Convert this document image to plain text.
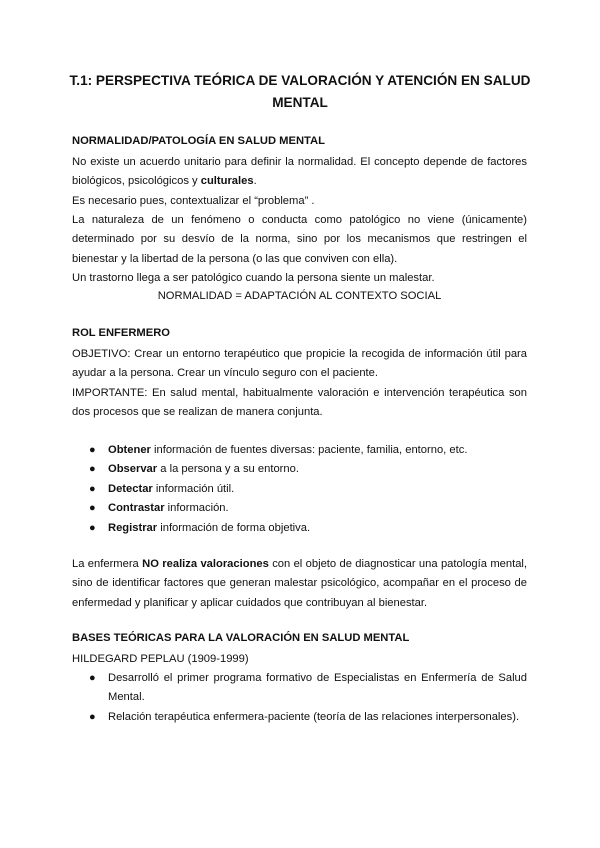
T.1: PERSPECTIVA TEÓRICA DE VALORACIÓN Y ATENCIÓN EN SALUD MENTAL
NORMALIDAD/PATOLOGÍA EN SALUD MENTAL
No existe un acuerdo unitario para definir la normalidad. El concepto depende de factores biológicos, psicológicos y culturales.
Es necesario pues, contextualizar el “problema” .
La naturaleza de un fenómeno o conducta como patológico no viene (únicamente) determinado por su desvío de la norma, sino por los mecanismos que restringen el bienestar y la libertad de la persona (o las que conviven con ella).
Un trastorno llega a ser patológico cuando la persona siente un malestar.
NORMALIDAD = ADAPTACIÓN AL CONTEXTO SOCIAL
ROL ENFERMERO
OBJETIVO: Crear un entorno terapéutico que propicie la recogida de información útil para ayudar a la persona. Crear un vínculo seguro con el paciente.
IMPORTANTE: En salud mental, habitualmente valoración e intervención terapéutica son dos procesos que se realizan de manera conjunta.
● Obtener información de fuentes diversas: paciente, familia, entorno, etc.
● Observar a la persona y a su entorno.
● Detectar información útil.
● Contrastar información.
● Registrar información de forma objetiva.
La enfermera NO realiza valoraciones con el objeto de diagnosticar una patología mental, sino de identificar factores que generan malestar psicológico, acompañar en el proceso de enfermedad y planificar y aplicar cuidados que contribuyan al bienestar.
BASES TEÓRICAS PARA LA VALORACIÓN EN SALUD MENTAL
HILDEGARD PEPLAU (1909-1999)
● Desarrolló el primer programa formativo de Especialistas en Enfermería de Salud Mental.
● Relación terapéutica enfermera-paciente (teoría de las relaciones interpersonales).
